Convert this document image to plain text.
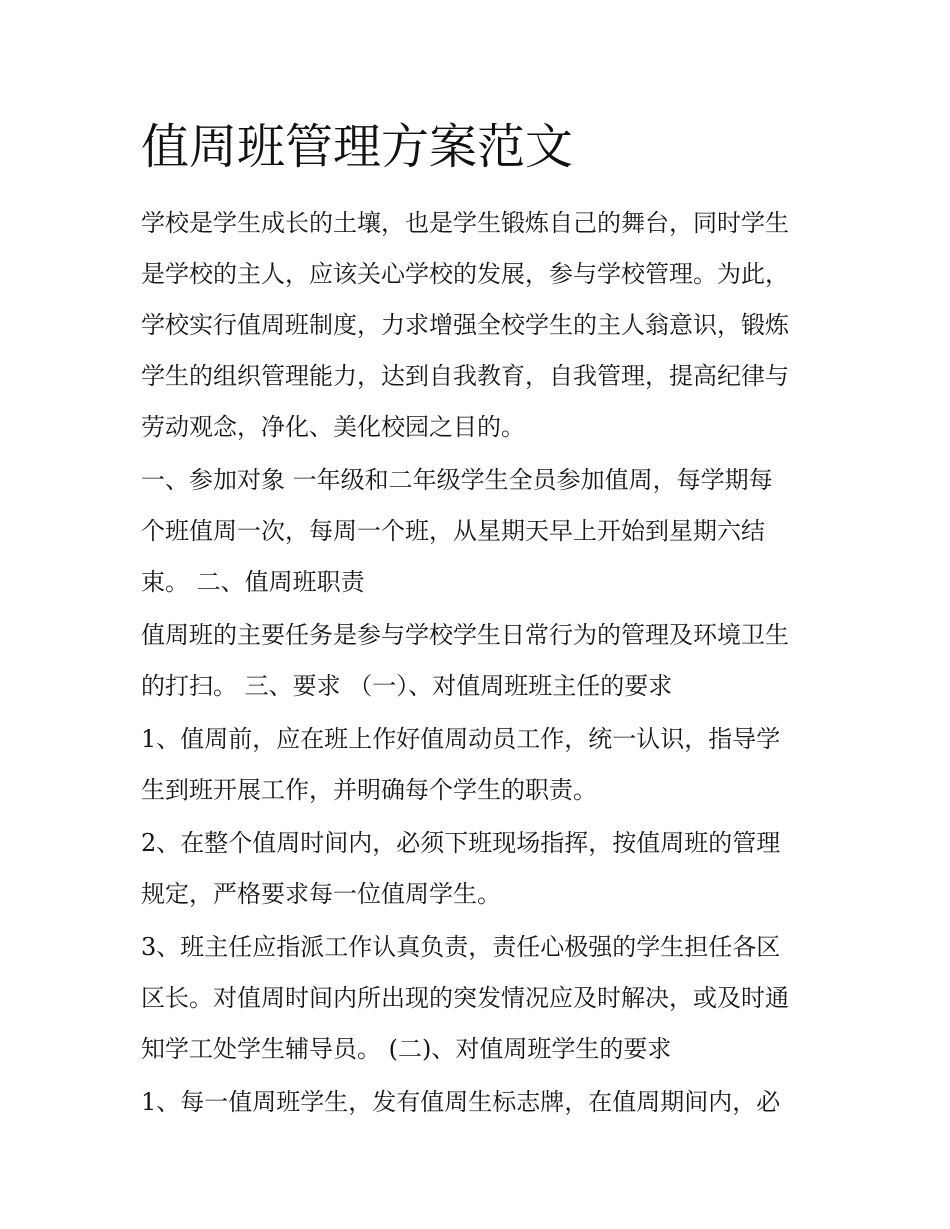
值周班管理方案范文

学校是学生成长的土壤，也是学生锻炼自己的舞台，同时学生
是学校的主人，应该关心学校的发展，参与学校管理。为此，
学校实行值周班制度，力求增强全校学生的主人翁意识，锻炼
学生的组织管理能力，达到自我教育，自我管理，提高纪律与
劳动观念，净化、美化校园之目的。

一、参加对象 一年级和二年级学生全员参加值周，每学期每
个班值周一次，每周一个班，从星期天早上开始到星期六结
束。 二、值周班职责

值周班的主要任务是参与学校学生日常行为的管理及环境卫生
的打扫。 三、要求 （一）、对值周班班主任的要求

1、值周前，应在班上作好值周动员工作，统一认识，指导学
生到班开展工作，并明确每个学生的职责。

2、在整个值周时间内，必须下班现场指挥，按值周班的管理
规定，严格要求每一位值周学生。

3、班主任应指派工作认真负责，责任心极强的学生担任各区
区长。对值周时间内所出现的突发情况应及时解决，或及时通
知学工处学生辅导员。 (二)、对值周班学生的要求

1、每一值周班学生，发有值周生标志牌，在值周期间内，必
